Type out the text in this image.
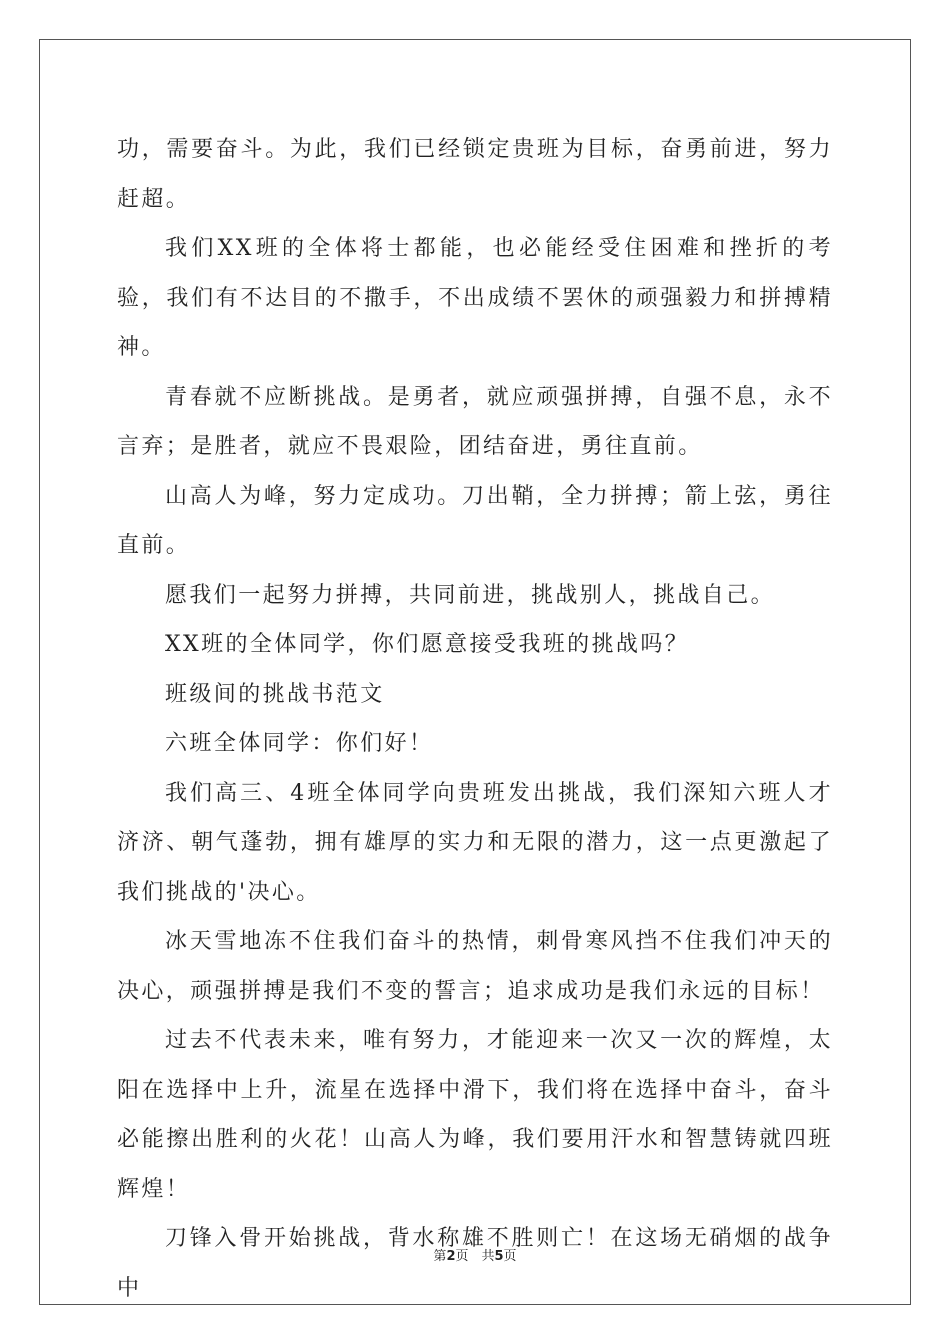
功，需要奋斗。为此，我们已经锁定贵班为目标，奋勇前进，努力赶超。

我们XX班的全体将士都能，也必能经受住困难和挫折的考验，我们有不达目的不撒手，不出成绩不罢休的顽强毅力和拼搏精神。

青春就不应断挑战。是勇者，就应顽强拼搏，自强不息，永不言弃；是胜者，就应不畏艰险，团结奋进，勇往直前。

山高人为峰，努力定成功。刀出鞘，全力拼搏；箭上弦，勇往直前。

愿我们一起努力拼搏，共同前进，挑战别人，挑战自己。

XX班的全体同学，你们愿意接受我班的挑战吗？

班级间的挑战书范文

六班全体同学：你们好！

我们高三、4班全体同学向贵班发出挑战，我们深知六班人才济济、朝气蓬勃，拥有雄厚的实力和无限的潜力，这一点更激起了我们挑战的'决心。

冰天雪地冻不住我们奋斗的热情，刺骨寒风挡不住我们冲天的决心，顽强拼搏是我们不变的誓言；追求成功是我们永远的目标！

过去不代表未来，唯有努力，才能迎来一次又一次的辉煌，太阳在选择中上升，流星在选择中滑下，我们将在选择中奋斗，奋斗必能擦出胜利的火花！山高人为峰，我们要用汗水和智慧铸就四班辉煌！

刀锋入骨开始挑战，背水称雄不胜则亡！在这场无硝烟的战争中

第2页　共5页
